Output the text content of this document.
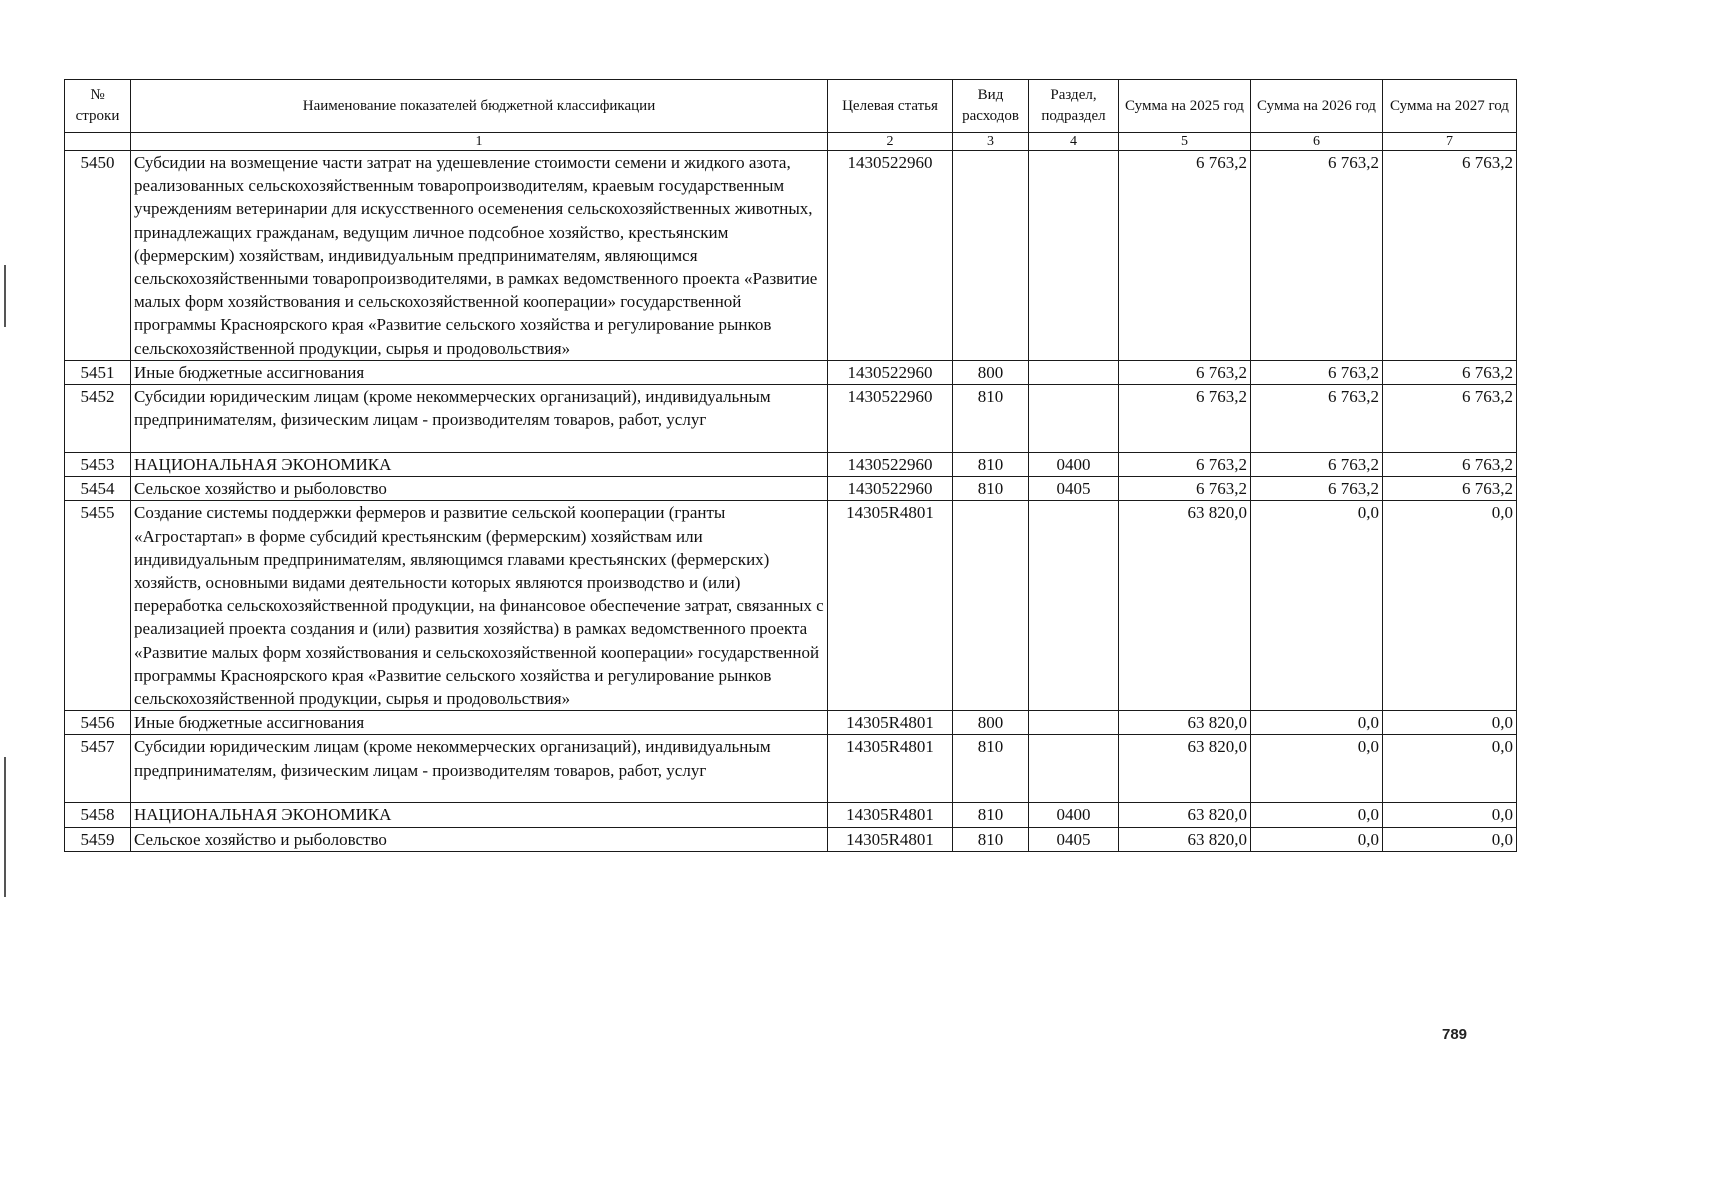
№ строки	Наименование показателей бюджетной классификации	Целевая статья	Вид расходов	Раздел, подраздел	Сумма на 2025 год	Сумма на 2026 год	Сумма на 2027 год
	1	2	3	4	5	6	7
5450	Субсидии на возмещение части затрат на удешевление стоимости семени и жидкого азота, реализованных сельскохозяйственным товаропроизводителям, краевым государственным учреждениям ветеринарии для искусственного осеменения сельскохозяйственных животных, принадлежащих гражданам, ведущим личное подсобное хозяйство, крестьянским (фермерским) хозяйствам, индивидуальным предпринимателям, являющимся сельскохозяйственными товаропроизводителями, в рамках ведомственного проекта «Развитие малых форм хозяйствования и сельскохозяйственной кооперации» государственной программы Красноярского края «Развитие сельского хозяйства и регулирование рынков сельскохозяйственной продукции, сырья и продовольствия»	1430522960			6 763,2	6 763,2	6 763,2
5451	Иные бюджетные ассигнования	1430522960	800		6 763,2	6 763,2	6 763,2
5452	Субсидии юридическим лицам (кроме некоммерческих организаций), индивидуальным предпринимателям, физическим лицам - производителям товаров, работ, услуг	1430522960	810		6 763,2	6 763,2	6 763,2
5453	НАЦИОНАЛЬНАЯ ЭКОНОМИКА	1430522960	810	0400	6 763,2	6 763,2	6 763,2
5454	Сельское хозяйство и рыболовство	1430522960	810	0405	6 763,2	6 763,2	6 763,2
5455	Создание системы поддержки фермеров и развитие сельской кооперации (гранты «Агростартап» в форме субсидий крестьянским (фермерским) хозяйствам или индивидуальным предпринимателям, являющимся главами крестьянских (фермерских) хозяйств, основными видами деятельности которых являются производство и (или) переработка сельскохозяйственной продукции, на финансовое обеспечение затрат, связанных с реализацией проекта создания и (или) развития хозяйства) в рамках ведомственного проекта «Развитие малых форм хозяйствования и сельскохозяйственной кооперации» государственной программы Красноярского края «Развитие сельского хозяйства и регулирование рынков сельскохозяйственной продукции, сырья и продовольствия»	14305R4801			63 820,0	0,0	0,0
5456	Иные бюджетные ассигнования	14305R4801	800		63 820,0	0,0	0,0
5457	Субсидии юридическим лицам (кроме некоммерческих организаций), индивидуальным предпринимателям, физическим лицам - производителям товаров, работ, услуг	14305R4801	810		63 820,0	0,0	0,0
5458	НАЦИОНАЛЬНАЯ ЭКОНОМИКА	14305R4801	810	0400	63 820,0	0,0	0,0
5459	Сельское хозяйство и рыболовство	14305R4801	810	0405	63 820,0	0,0	0,0
789
